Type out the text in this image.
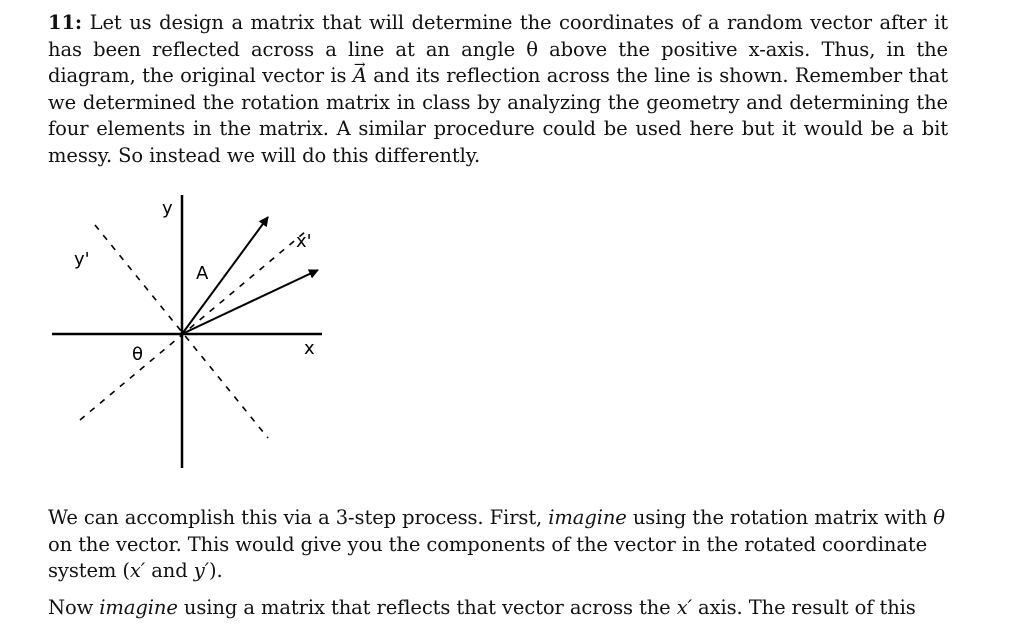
11: Let us design a matrix that will determine the coordinates of a random vector after it has been reflected across a line at an angle θ above the positive x-axis. Thus, in the diagram, the original vector is → A and its reflection across the line is shown. Remember that we determined the rotation matrix in class by analyzing the geometry and determining the four elements in the matrix. A similar procedure could be used here but it would be a bit messy. So instead we will do this differently.

y
x
y'
x'
A
θ

We can accomplish this via a 3-step process. First, imagine using the rotation matrix with θ on the vector. This would give you the components of the vector in the rotated coordinate system (x′ and y′).

Now imagine using a matrix that reflects that vector across the x′ axis. The result of this
